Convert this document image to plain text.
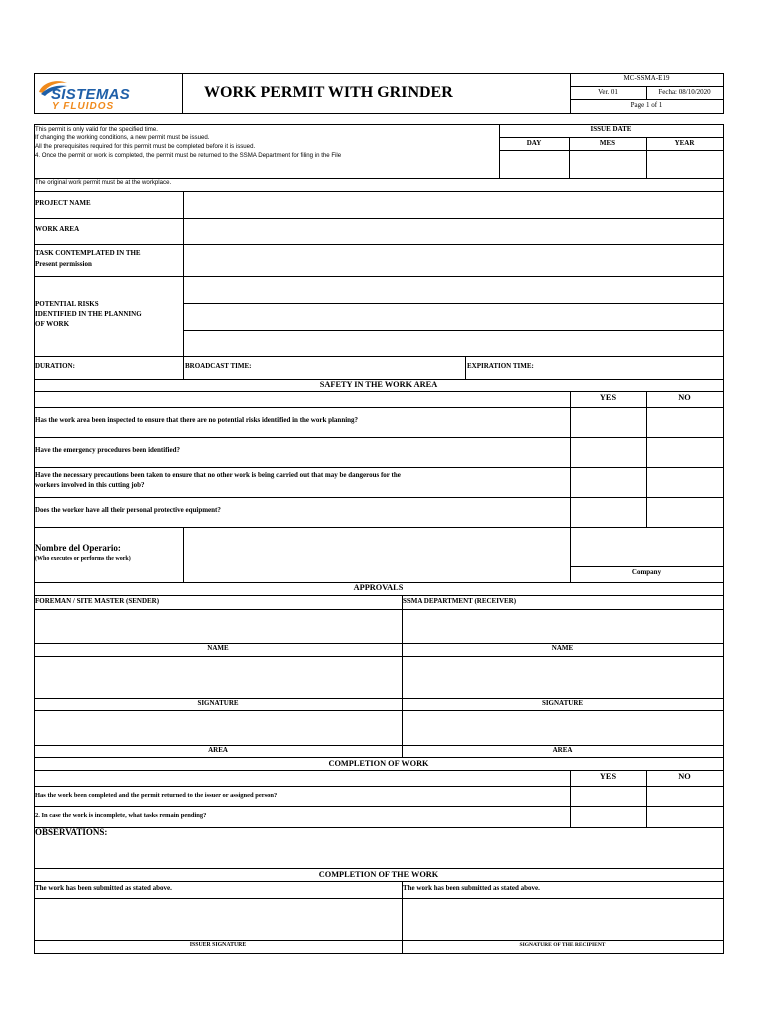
SISTEMAS
Y FLUIDOS
WORK PERMIT WITH GRINDER
MC-SSMA-E19
Ver. 01	Fecha: 08/10/2020
Page 1 of 1
This permit is only valid for the specified time.
If changing the working conditions, a new permit must be issued.
All the prerequisites required for this permit must be completed before it is issued.
4. Once the permit or work is completed, the permit must be returned to the SSMA Department for filing in the File
The original work permit must be at the workplace.
ISSUE DATE
DAY	MES	YEAR
PROJECT NAME
WORK AREA
TASK CONTEMPLATED IN THE
Present permission
POTENTIAL RISKS
IDENTIFIED IN THE PLANNING
OF WORK
DURATION:	BROADCAST TIME:	EXPIRATION TIME:
SAFETY IN THE WORK AREA
YES	NO
Has the work area been inspected to ensure that there are no potential risks identified in the work planning?
Have the emergency procedures been identified?
Have the necessary precautions been taken to ensure that no other work is being carried out that may be dangerous for the
workers involved in this cutting job?
Does the worker have all their personal protective equipment?
Nombre del Operario:
(Who executes or performs the work)
Company
APPROVALS
FOREMAN / SITE MASTER (SENDER)	SSMA DEPARTMENT (RECEIVER)
NAME	NAME
SIGNATURE	SIGNATURE
AREA	AREA
COMPLETION OF WORK
YES	NO
Has the work been completed and the permit returned to the issuer or assigned person?
2. In case the work is incomplete, what tasks remain pending?
OBSERVATIONS:
COMPLETION OF THE WORK
The work has been submitted as stated above.	The work has been submitted as stated above.
ISSUER SIGNATURE	SIGNATURE OF THE RECIPIENT
